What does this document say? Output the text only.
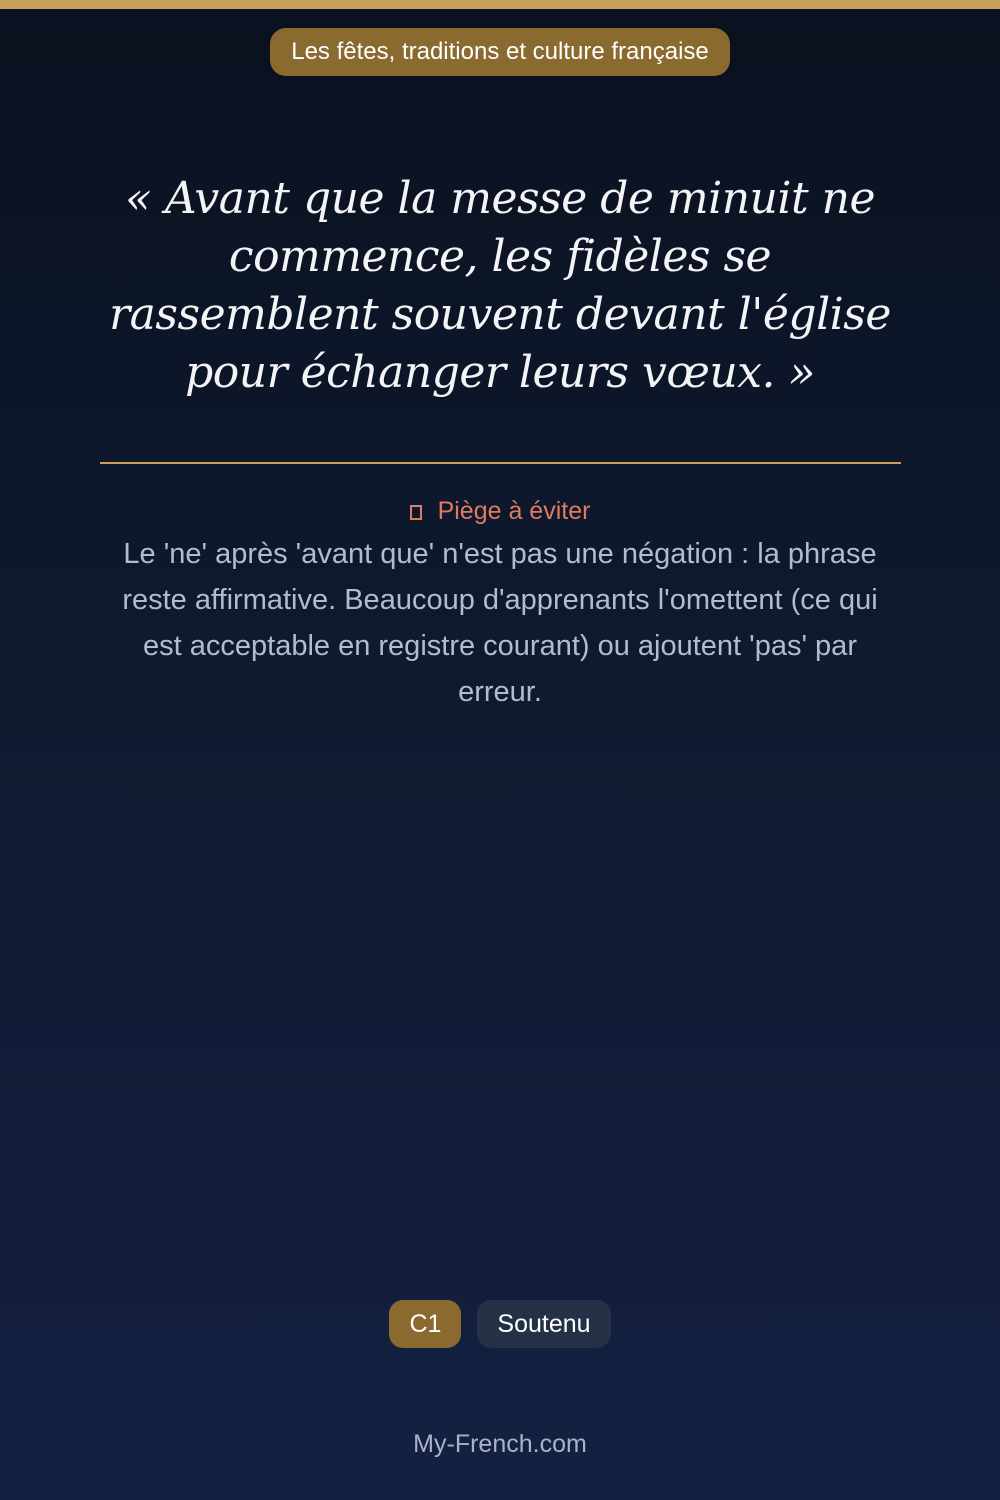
Les fêtes, traditions et culture française
« Avant que la messe de minuit ne commence, les fidèles se rassemblent souvent devant l'église pour échanger leurs vœux. »
Piège à éviter
Le 'ne' après 'avant que' n'est pas une négation : la phrase reste affirmative. Beaucoup d'apprenants l'omettent (ce qui est acceptable en registre courant) ou ajoutent 'pas' par erreur.
C1 Soutenu
My-French.com
